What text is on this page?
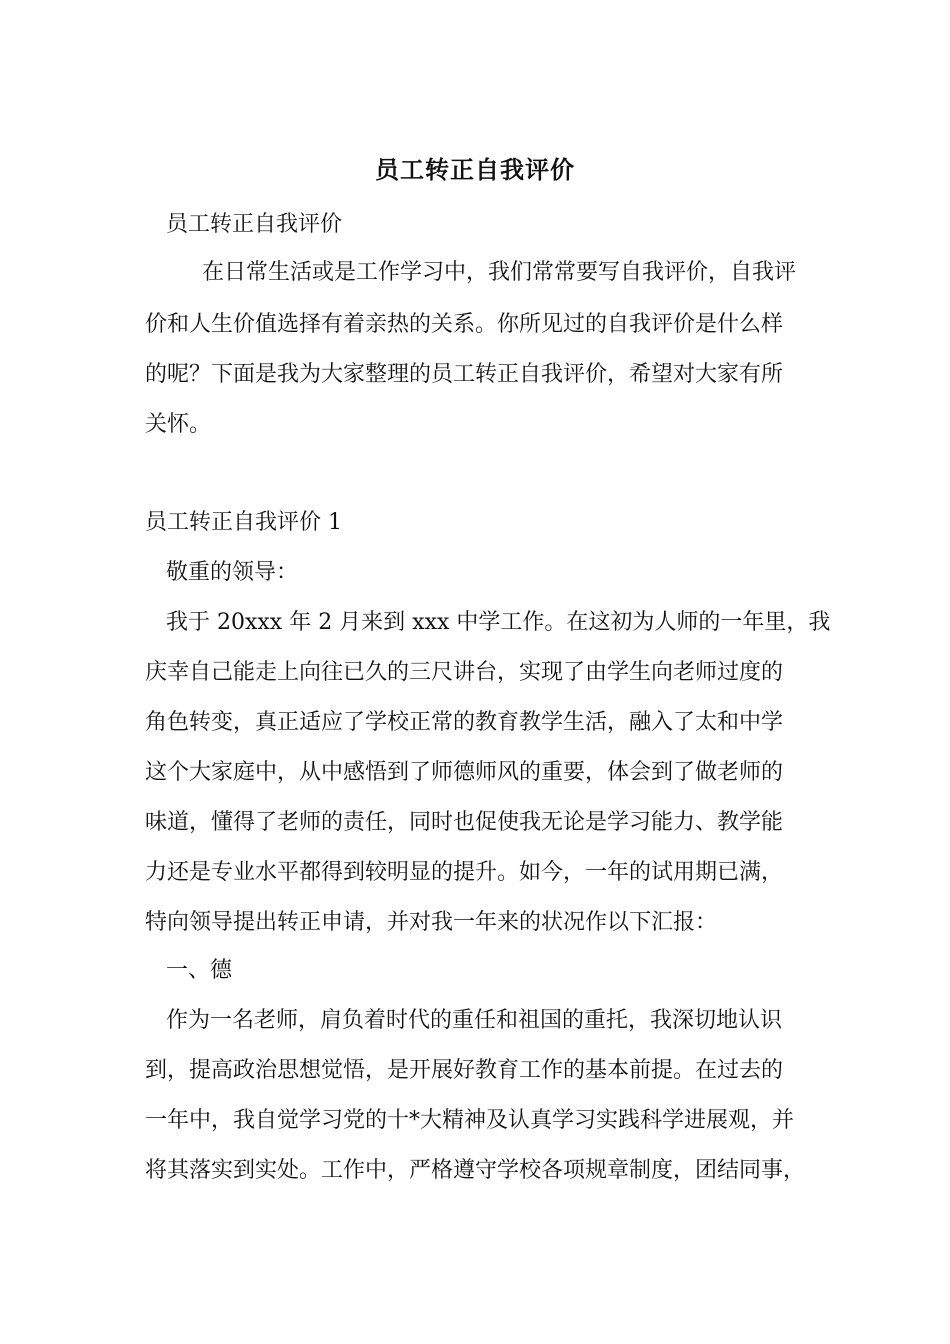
员工转正自我评价
员工转正自我评价
在日常生活或是工作学习中，我们常常要写自我评价，自我评
价和人生价值选择有着亲热的关系。你所见过的自我评价是什么样
的呢？下面是我为大家整理的员工转正自我评价，希望对大家有所
关怀。
员工转正自我评价 1
敬重的领导：
我于 20xxx 年 2 月来到 xxx 中学工作。在这初为人师的一年里，我
庆幸自己能走上向往已久的三尺讲台，实现了由学生向老师过度的
角色转变，真正适应了学校正常的教育教学生活，融入了太和中学
这个大家庭中，从中感悟到了师德师风的重要，体会到了做老师的
味道，懂得了老师的责任，同时也促使我无论是学习能力、教学能
力还是专业水平都得到较明显的提升。如今，一年的试用期已满，
特向领导提出转正申请，并对我一年来的状况作以下汇报：
一、德
作为一名老师，肩负着时代的重任和祖国的重托，我深切地认识
到，提高政治思想觉悟，是开展好教育工作的基本前提。在过去的
一年中，我自觉学习党的十*大精神及认真学习实践科学进展观，并
将其落实到实处。工作中，严格遵守学校各项规章制度，团结同事，
